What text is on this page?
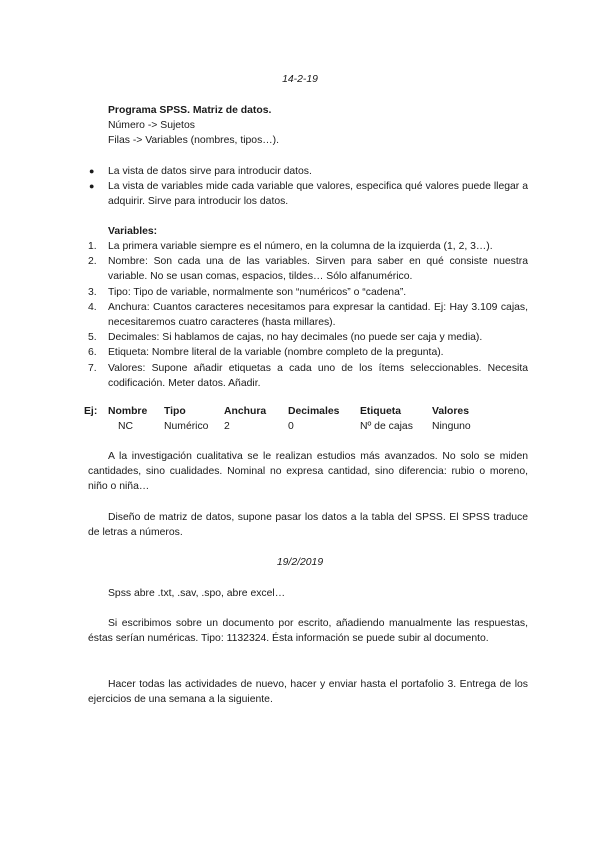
14-2-19
Programa SPSS. Matriz de datos.
Número -> Sujetos
Filas -> Variables (nombres, tipos…).
● La vista de datos sirve para introducir datos.
● La vista de variables mide cada variable que valores, especifica qué valores puede llegar a adquirir. Sirve para introducir los datos.
Variables:
1. La primera variable siempre es el número, en la columna de la izquierda (1, 2, 3…).
2. Nombre: Son cada una de las variables. Sirven para saber en qué consiste nuestra variable. No se usan comas, espacios, tildes… Sólo alfanumérico.
3. Tipo: Tipo de variable, normalmente son “numéricos” o “cadena”.
4. Anchura: Cuantos caracteres necesitamos para expresar la cantidad. Ej: Hay 3.109 cajas, necesitaremos cuatro caracteres (hasta millares).
5. Decimales: Si hablamos de cajas, no hay decimales (no puede ser caja y media).
6. Etiqueta: Nombre literal de la variable (nombre completo de la pregunta).
7. Valores: Supone añadir etiquetas a cada uno de los ítems seleccionables. Necesita codificación. Meter datos. Añadir.
Ej: Nombre	Tipo	Anchura	Decimales	Etiqueta	Valores
NC	Numérico	2	0	Nº de cajas	Ninguno
A la investigación cualitativa se le realizan estudios más avanzados. No solo se miden cantidades, sino cualidades. Nominal no expresa cantidad, sino diferencia: rubio o moreno, niño o niña…
Diseño de matriz de datos, supone pasar los datos a la tabla del SPSS. El SPSS traduce de letras a números.
19/2/2019
Spss abre .txt, .sav, .spo, abre excel…
Si escribimos sobre un documento por escrito, añadiendo manualmente las respuestas, éstas serían numéricas. Tipo: 1132324. Ésta información se puede subir al documento.
Hacer todas las actividades de nuevo, hacer y enviar hasta el portafolio 3. Entrega de los ejercicios de una semana a la siguiente.
